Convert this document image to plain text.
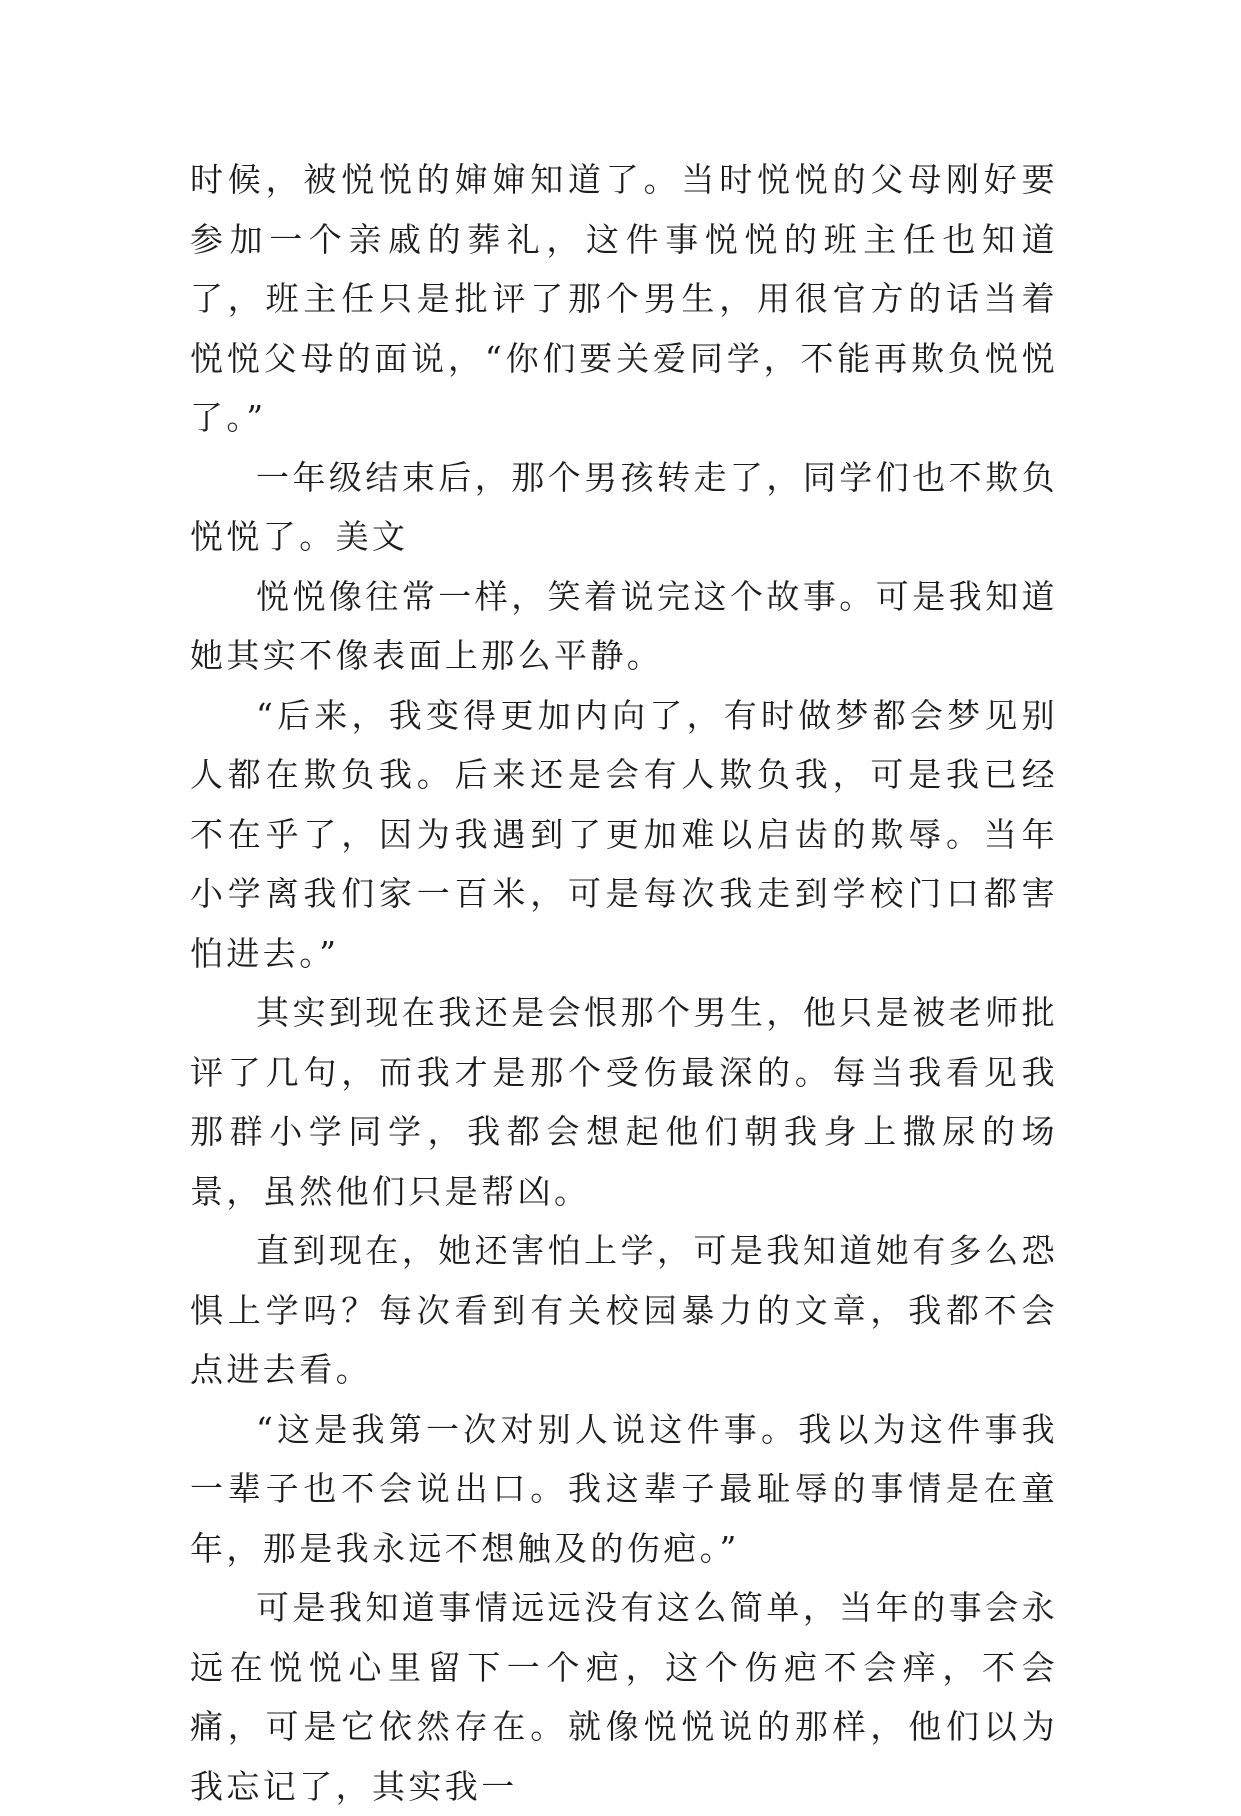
时候，被悦悦的婶婶知道了。当时悦悦的父母刚好要参加一个亲戚的葬礼，这件事悦悦的班主任也知道了，班主任只是批评了那个男生，用很官方的话当着悦悦父母的面说，“你们要关爱同学，不能再欺负悦悦了。”

一年级结束后，那个男孩转走了，同学们也不欺负悦悦了。美文

悦悦像往常一样，笑着说完这个故事。可是我知道她其实不像表面上那么平静。

“后来，我变得更加内向了，有时做梦都会梦见别人都在欺负我。后来还是会有人欺负我，可是我已经不在乎了，因为我遇到了更加难以启齿的欺辱。当年小学离我们家一百米，可是每次我走到学校门口都害怕进去。”

其实到现在我还是会恨那个男生，他只是被老师批评了几句，而我才是那个受伤最深的。每当我看见我那群小学同学，我都会想起他们朝我身上撒尿的场景，虽然他们只是帮凶。

直到现在，她还害怕上学，可是我知道她有多么恐惧上学吗？每次看到有关校园暴力的文章，我都不会点进去看。

“这是我第一次对别人说这件事。我以为这件事我一辈子也不会说出口。我这辈子最耻辱的事情是在童年，那是我永远不想触及的伤疤。”

可是我知道事情远远没有这么简单，当年的事会永远在悦悦心里留下一个疤，这个伤疤不会痒，不会痛，可是它依然存在。就像悦悦说的那样，他们以为我忘记了，其实我一
